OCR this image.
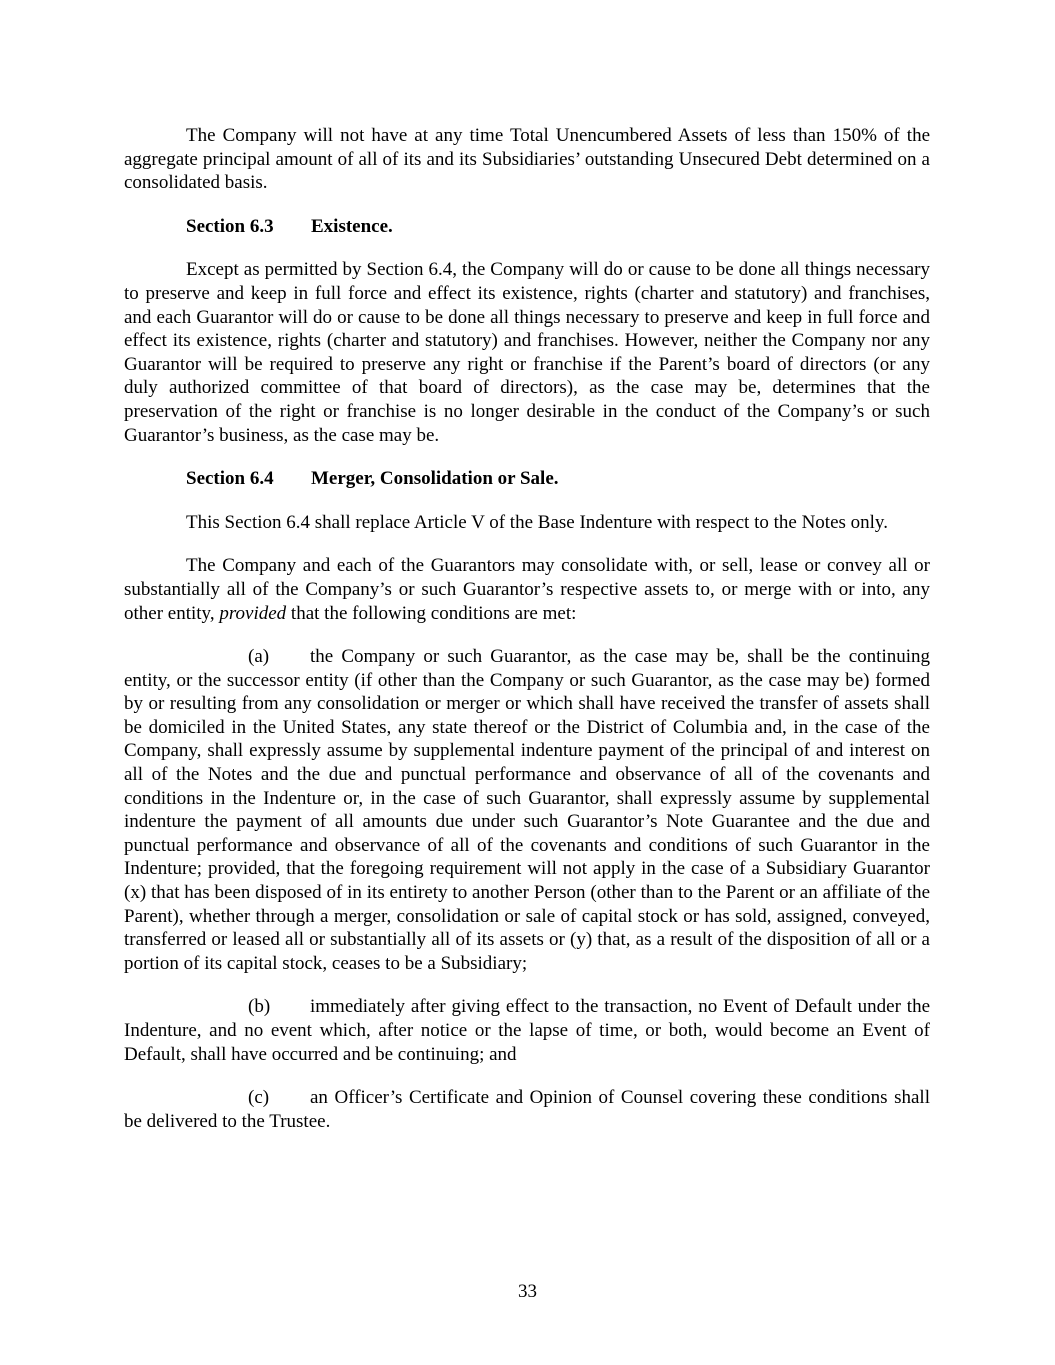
The Company will not have at any time Total Unencumbered Assets of less than 150% of the aggregate principal amount of all of its and its Subsidiaries’ outstanding Unsecured Debt determined on a consolidated basis.

Section 6.3 Existence.

Except as permitted by Section 6.4, the Company will do or cause to be done all things necessary to preserve and keep in full force and effect its existence, rights (charter and statutory) and franchises, and each Guarantor will do or cause to be done all things necessary to preserve and keep in full force and effect its existence, rights (charter and statutory) and franchises. However, neither the Company nor any Guarantor will be required to preserve any right or franchise if the Parent’s board of directors (or any duly authorized committee of that board of directors), as the case may be, determines that the preservation of the right or franchise is no longer desirable in the conduct of the Company’s or such Guarantor’s business, as the case may be.

Section 6.4 Merger, Consolidation or Sale.

This Section 6.4 shall replace Article V of the Base Indenture with respect to the Notes only.

The Company and each of the Guarantors may consolidate with, or sell, lease or convey all or substantially all of the Company’s or such Guarantor’s respective assets to, or merge with or into, any other entity, provided that the following conditions are met:

(a) the Company or such Guarantor, as the case may be, shall be the continuing entity, or the successor entity (if other than the Company or such Guarantor, as the case may be) formed by or resulting from any consolidation or merger or which shall have received the transfer of assets shall be domiciled in the United States, any state thereof or the District of Columbia and, in the case of the Company, shall expressly assume by supplemental indenture payment of the principal of and interest on all of the Notes and the due and punctual performance and observance of all of the covenants and conditions in the Indenture or, in the case of such Guarantor, shall expressly assume by supplemental indenture the payment of all amounts due under such Guarantor’s Note Guarantee and the due and punctual performance and observance of all of the covenants and conditions of such Guarantor in the Indenture; provided, that the foregoing requirement will not apply in the case of a Subsidiary Guarantor (x) that has been disposed of in its entirety to another Person (other than to the Parent or an affiliate of the Parent), whether through a merger, consolidation or sale of capital stock or has sold, assigned, conveyed, transferred or leased all or substantially all of its assets or (y) that, as a result of the disposition of all or a portion of its capital stock, ceases to be a Subsidiary;

(b) immediately after giving effect to the transaction, no Event of Default under the Indenture, and no event which, after notice or the lapse of time, or both, would become an Event of Default, shall have occurred and be continuing; and

(c) an Officer’s Certificate and Opinion of Counsel covering these conditions shall be delivered to the Trustee.

33
